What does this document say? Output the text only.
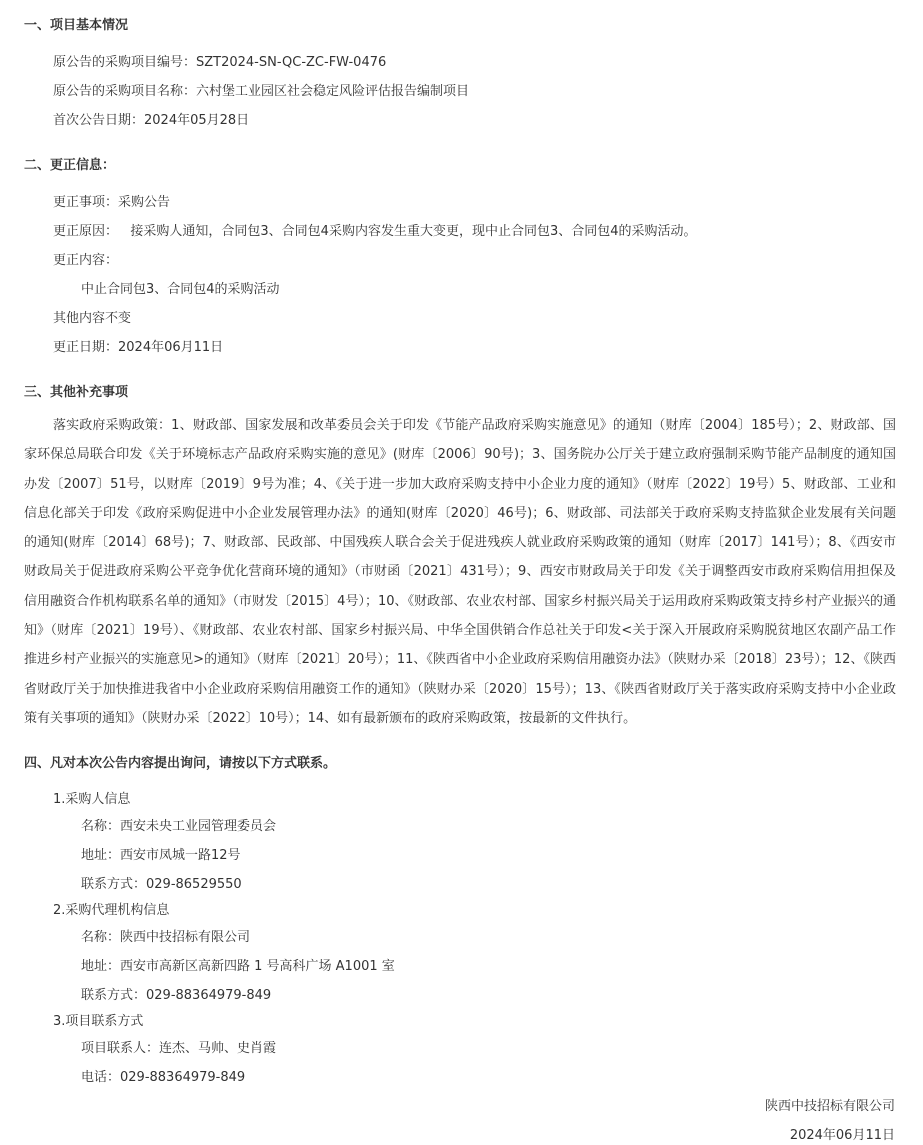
一、项目基本情况
原公告的采购项目编号：SZT2024-SN-QC-ZC-FW-0476
原公告的采购项目名称：六村堡工业园区社会稳定风险评估报告编制项目
首次公告日期：2024年05月28日
二、更正信息：
更正事项：采购公告
更正原因：   接采购人通知，合同包3、合同包4采购内容发生重大变更，现中止合同包3、合同包4的采购活动。
更正内容：
中止合同包3、合同包4的采购活动
其他内容不变
更正日期：2024年06月11日
三、其他补充事项

落实政府采购政策：1、财政部、国家发展和改革委员会关于印发《节能产品政府采购实施意见》的通知（财库〔2004〕185号）；2、财政部、国家环保总局联合印发《关于环境标志产品政府采购实施的意见》(财库〔2006〕90号)；3、国务院办公厅关于建立政府强制采购节能产品制度的通知国办发〔2007〕51号，以财库〔2019〕9号为准；4、《关于进一步加大政府采购支持中小企业力度的通知》（财库〔2022〕19号）5、财政部、工业和信息化部关于印发《政府采购促进中小企业发展管理办法》的通知(财库〔2020〕46号)；6、财政部、司法部关于政府采购支持监狱企业发展有关问题的通知(财库〔2014〕68号)；7、财政部、民政部、中国残疾人联合会关于促进残疾人就业政府采购政策的通知（财库〔2017〕141号）；8、《西安市财政局关于促进政府采购公平竞争优化营商环境的通知》（市财函〔2021〕431号）；9、西安市财政局关于印发《关于调整西安市政府采购信用担保及信用融资合作机构联系名单的通知》（市财发〔2015〕4号）；10、《财政部、农业农村部、国家乡村振兴局关于运用政府采购政策支持乡村产业振兴的通知》（财库〔2021〕19号）、《财政部、农业农村部、国家乡村振兴局、中华全国供销合作总社关于印发<关于深入开展政府采购脱贫地区农副产品工作推进乡村产业振兴的实施意见>的通知》（财库〔2021〕20号）；11、《陕西省中小企业政府采购信用融资办法》（陕财办采〔2018〕23号）；12、《陕西省财政厅关于加快推进我省中小企业政府采购信用融资工作的通知》（陕财办采〔2020〕15号）；13、《陕西省财政厅关于落实政府采购支持中小企业政策有关事项的通知》（陕财办采〔2022〕10号）；14、如有最新颁布的政府采购政策，按最新的文件执行。

四、凡对本次公告内容提出询问，请按以下方式联系。
1.采购人信息
名称：西安未央工业园管理委员会
地址：西安市凤城一路12号
联系方式：029-86529550
2.采购代理机构信息
名称：陕西中技招标有限公司
地址：西安市高新区高新四路 1 号高科广场 A1001 室
联系方式：029-88364979-849
3.项目联系方式
项目联系人：连杰、马帅、史肖霞
电话：029-88364979-849
陕西中技招标有限公司
2024年06月11日
